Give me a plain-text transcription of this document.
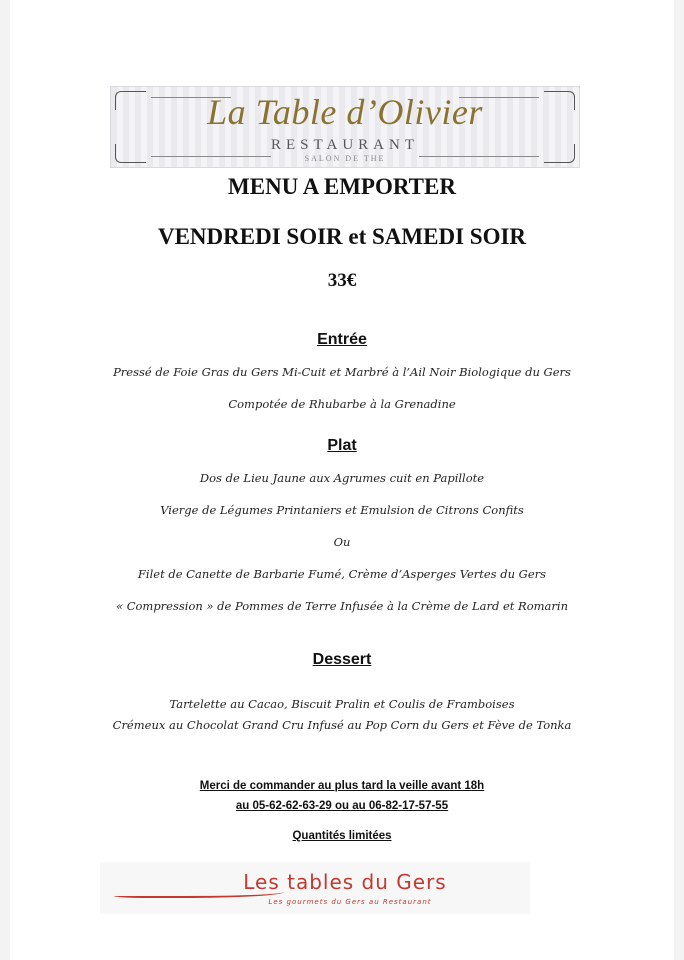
La Table d’Olivier
RESTAURANT
SALON DE THE
MENU A EMPORTER
VENDREDI SOIR et SAMEDI SOIR
33€
Entrée
Pressé de Foie Gras du Gers Mi-Cuit et Marbré à l’Ail Noir Biologique du Gers
Compotée de Rhubarbe à la Grenadine
Plat
Dos de Lieu Jaune aux Agrumes cuit en Papillote
Vierge de Légumes Printaniers et Emulsion de Citrons Confits
Ou
Filet de Canette de Barbarie Fumé, Crème d’Asperges Vertes du Gers
« Compression » de Pommes de Terre Infusée à la Crème de Lard et Romarin
Dessert
Tartelette au Cacao, Biscuit Pralin et Coulis de Framboises
Crémeux au Chocolat Grand Cru Infusé au Pop Corn du Gers et Fève de Tonka
Merci de commander au plus tard la veille avant 18h
au 05-62-62-63-29 ou au 06-82-17-57-55
Quantités limitées
Les tables du Gers
Les gourmets du Gers au Restaurant
